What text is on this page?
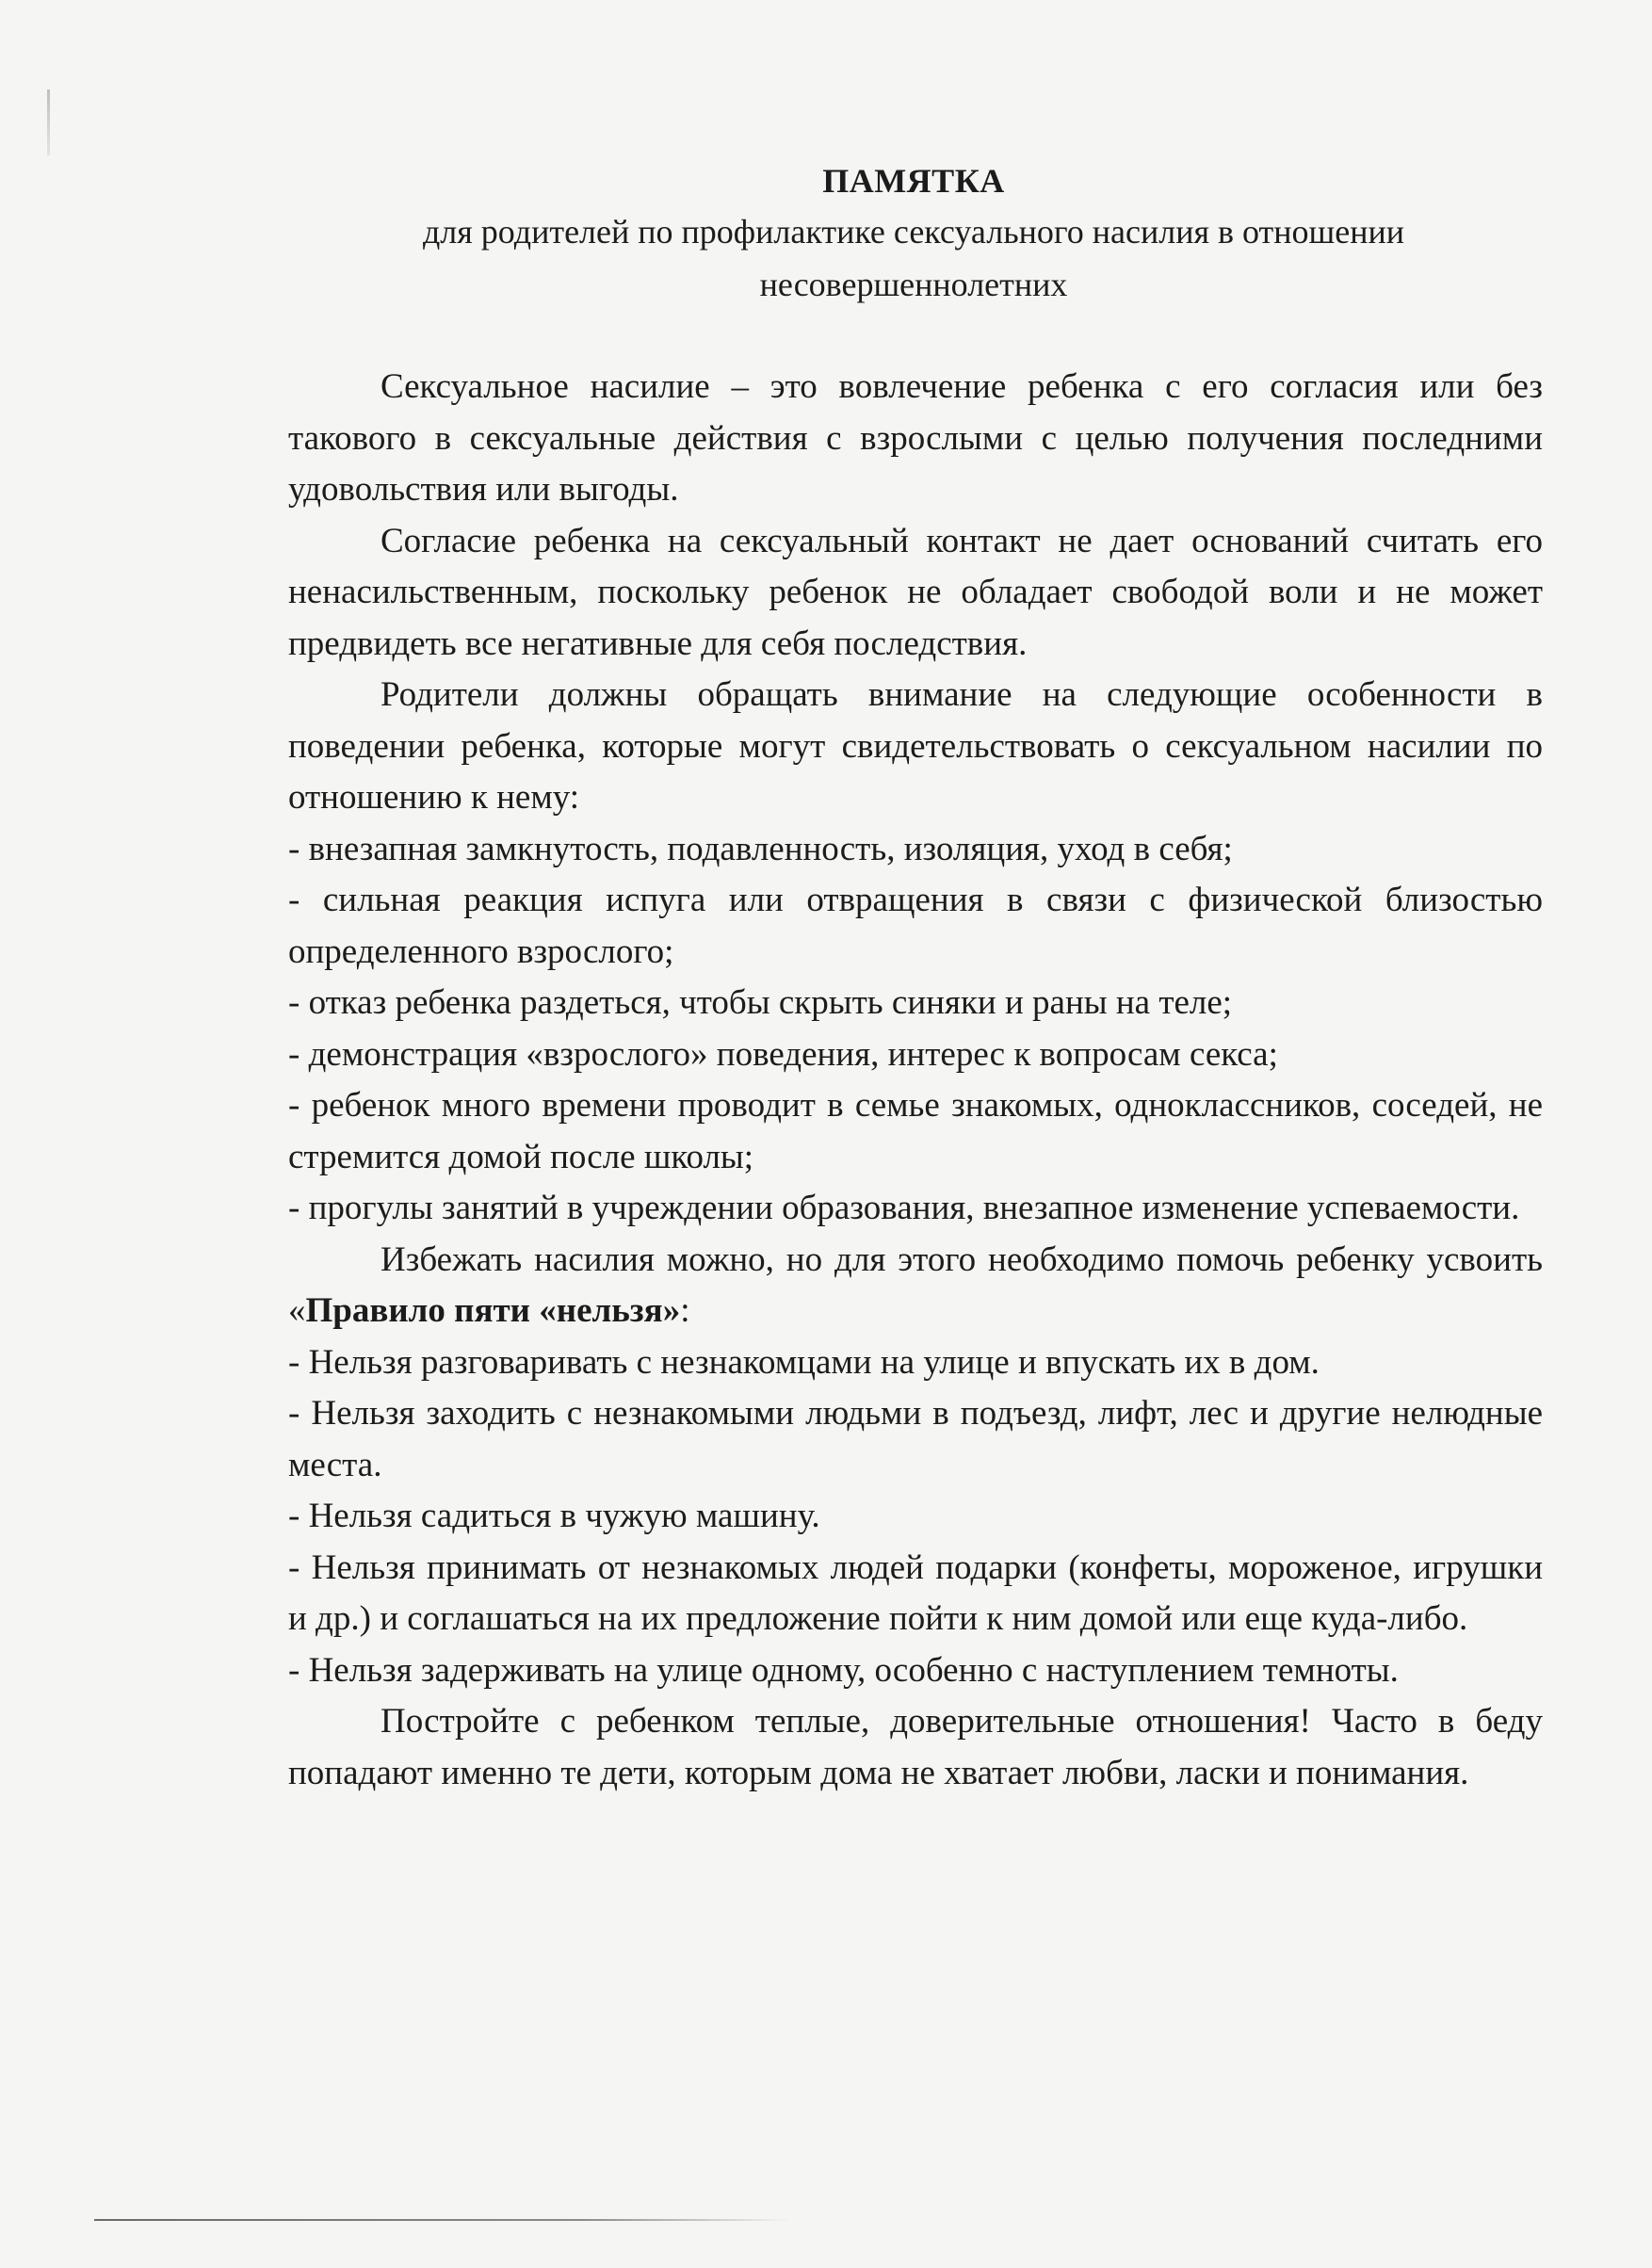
ПАМЯТКА
для родителей по профилактике сексуального насилия в отношении несовершеннолетних

Сексуальное насилие – это вовлечение ребенка с его согласия или без такового в сексуальные действия с взрослыми с целью получения последними удовольствия или выгоды.

Согласие ребенка на сексуальный контакт не дает оснований считать его ненасильственным, поскольку ребенок не обладает свободой воли и не может предвидеть все негативные для себя последствия.

Родители должны обращать внимание на следующие особенности в поведении ребенка, которые могут свидетельствовать о сексуальном насилии по отношению к нему:

- внезапная замкнутость, подавленность, изоляция, уход в себя;

- сильная реакция испуга или отвращения в связи с физической близостью определенного взрослого;

- отказ ребенка раздеться, чтобы скрыть синяки и раны на теле;

- демонстрация «взрослого» поведения, интерес к вопросам секса;

- ребенок много времени проводит в семье знакомых, одноклассников, соседей, не стремится домой после школы;

- прогулы занятий в учреждении образования, внезапное изменение успеваемости.

Избежать насилия можно, но для этого необходимо помочь ребенку усвоить «Правило пяти «нельзя»:

- Нельзя разговаривать с незнакомцами на улице и впускать их в дом.

- Нельзя заходить с незнакомыми людьми в подъезд, лифт, лес и другие нелюдные места.

- Нельзя садиться в чужую машину.

- Нельзя принимать от незнакомых людей подарки (конфеты, мороженое, игрушки и др.) и соглашаться на их предложение пойти к ним домой или еще куда-либо.

- Нельзя задерживать на улице одному, особенно с наступлением темноты.

Постройте с ребенком теплые, доверительные отношения! Часто в беду попадают именно те дети, которым дома не хватает любви, ласки и понимания.
